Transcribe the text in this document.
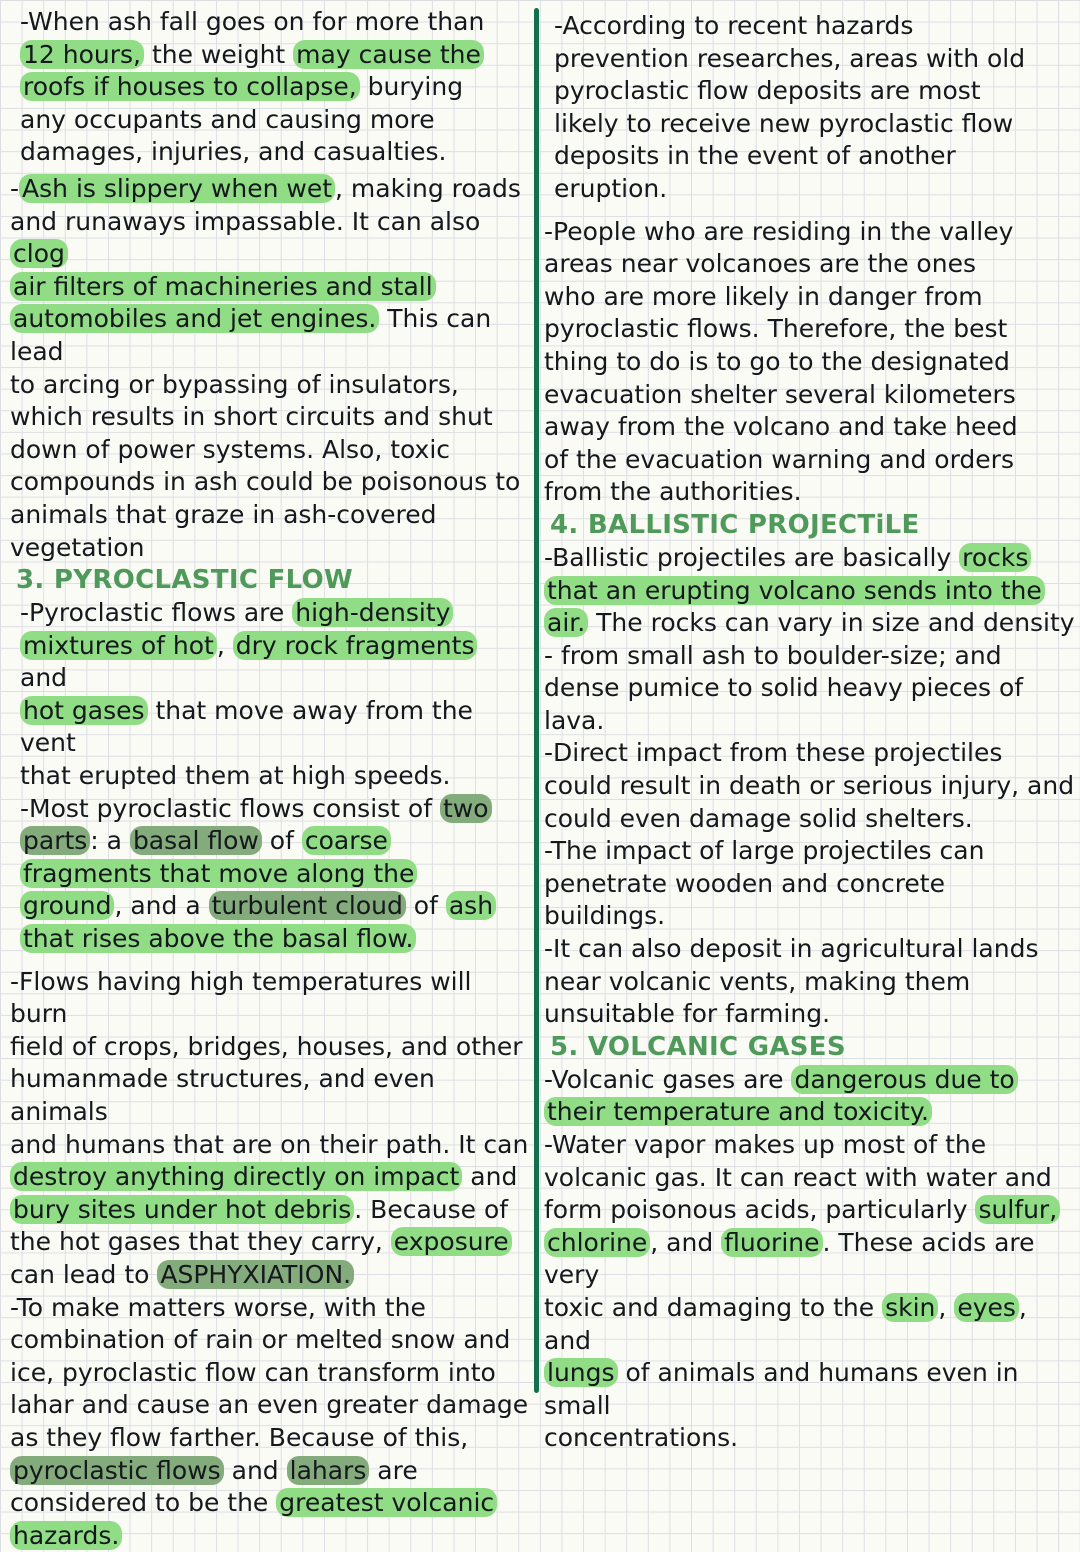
-When ash fall goes on for more than
12 hours, the weight may cause the
roofs if houses to collapse, burying
any occupants and causing more
damages, injuries, and casualties.

- Ash is slippery when wet , making roads
and runaways impassable. It can also clog
air filters of machineries and stall
automobiles and jet engines. This can lead
to arcing or bypassing of insulators,
which results in short circuits and shut
down of power systems. Also, toxic
compounds in ash could be poisonous to
animals that graze in ash-covered
vegetation

3. PYROCLASTIC FLOW

-Pyroclastic flows are high-density
mixtures of hot , dry rock fragments and
hot gases that move away from the vent
that erupted them at high speeds.
-Most pyroclastic flows consist of two
parts : a basal flow of coarse
fragments that move along the
ground , and a turbulent cloud of ash
that rises above the basal flow.

-Flows having high temperatures will burn
field of crops, bridges, houses, and other
humanmade structures, and even animals
and humans that are on their path. It can
destroy anything directly on impact and
bury sites under hot debris . Because of
the hot gases that they carry, exposure
can lead to ASPHYXIATION.
-To make matters worse, with the
combination of rain or melted snow and
ice, pyroclastic flow can transform into
lahar and cause an even greater damage
as they flow farther. Because of this,
pyroclastic flows and lahars are
considered to be the greatest volcanic
hazards.

-According to recent hazards
prevention researches, areas with old
pyroclastic flow deposits are most
likely to receive new pyroclastic flow
deposits in the event of another
eruption.

-People who are residing in the valley
areas near volcanoes are the ones
who are more likely in danger from
pyroclastic flows. Therefore, the best
thing to do is to go to the designated
evacuation shelter several kilometers
away from the volcano and take heed
of the evacuation warning and orders
from the authorities.

4. BALLISTIC PROJECTiLE

-Ballistic projectiles are basically rocks
that an erupting volcano sends into the
air. The rocks can vary in size and density
- from small ash to boulder-size; and
dense pumice to solid heavy pieces of
lava.
-Direct impact from these projectiles
could result in death or serious injury, and
could even damage solid shelters.
-The impact of large projectiles can
penetrate wooden and concrete
buildings.
-It can also deposit in agricultural lands
near volcanic vents, making them
unsuitable for farming.

5. VOLCANIC GASES

-Volcanic gases are dangerous due to
their temperature and toxicity.
-Water vapor makes up most of the
volcanic gas. It can react with water and
form poisonous acids, particularly sulfur,
chlorine , and fluorine . These acids are very
toxic and damaging to the skin , eyes , and
lungs of animals and humans even in small
concentrations.
